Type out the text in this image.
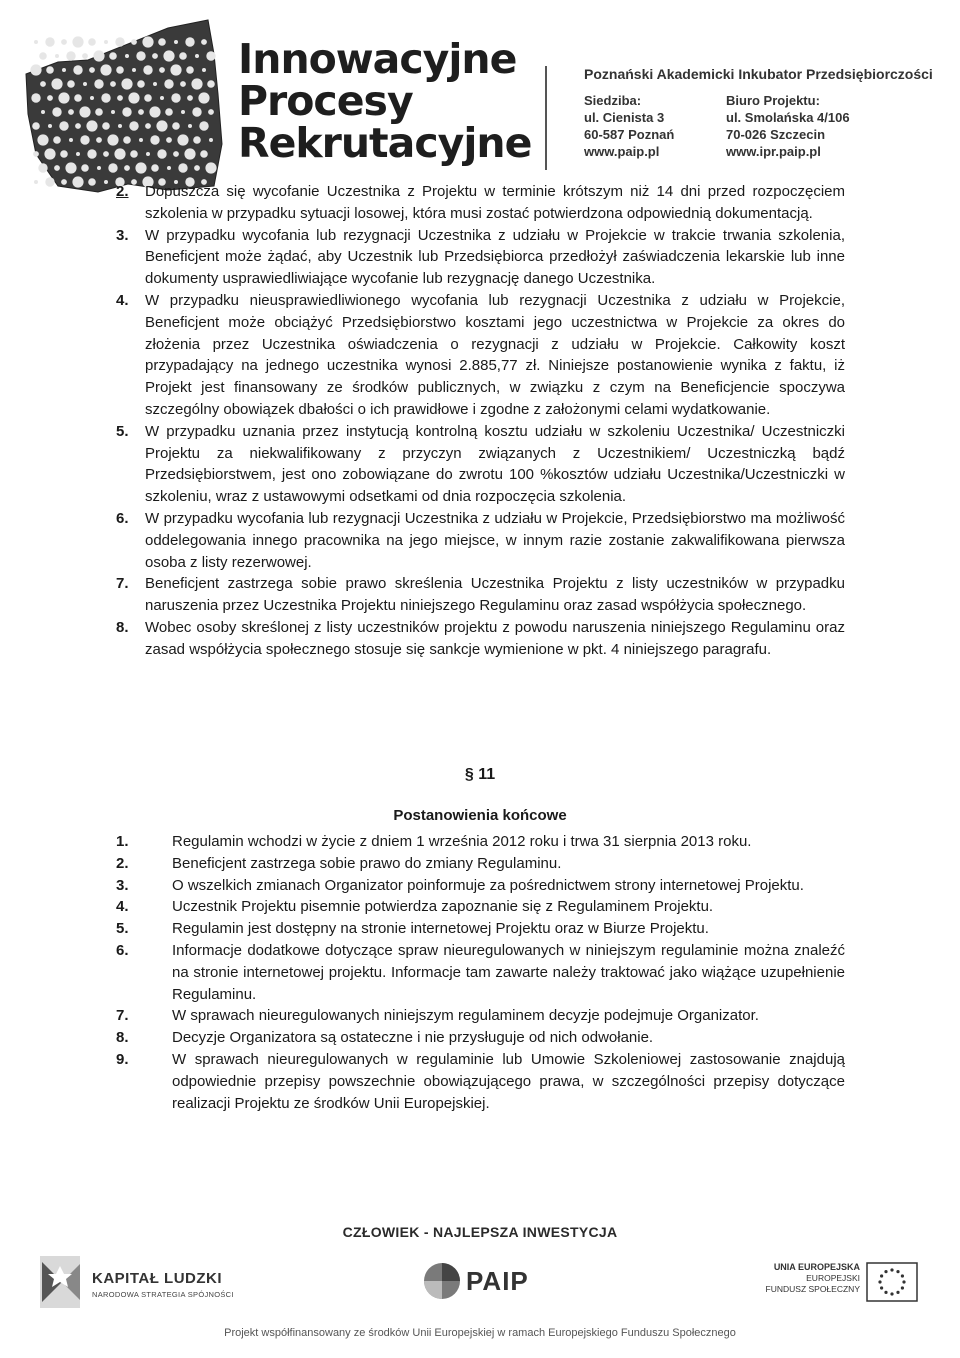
Innowacyjne
Procesy
Rekrutacyjne
Poznański Akademicki Inkubator Przedsiębiorczości
Siedziba:
ul. Cienista 3
60-587 Poznań
www.paip.pl
Biuro Projektu:
ul. Smolańska 4/106
70-026 Szczecin
www.ipr.paip.pl
2. Dopuszcza się wycofanie Uczestnika z Projektu w terminie krótszym niż 14 dni przed rozpoczęciem szkolenia w przypadku sytuacji losowej, która musi zostać potwierdzona odpowiednią dokumentacją.
3. W przypadku wycofania lub rezygnacji Uczestnika z udziału w Projekcie w trakcie trwania szkolenia, Beneficjent może żądać, aby Uczestnik lub Przedsiębiorca przedłożył zaświadczenia lekarskie lub inne dokumenty usprawiedliwiające wycofanie lub rezygnację danego Uczestnika.
4. W przypadku nieusprawiedliwionego wycofania lub rezygnacji Uczestnika z udziału w Projekcie, Beneficjent może obciążyć Przedsiębiorstwo kosztami jego uczestnictwa w Projekcie za okres do złożenia przez Uczestnika oświadczenia o rezygnacji z udziału w Projekcie. Całkowity koszt przypadający na jednego uczestnika wynosi 2.885,77 zł. Niniejsze postanowienie wynika z faktu, iż Projekt jest finansowany ze środków publicznych, w związku z czym na Beneficjencie spoczywa szczególny obowiązek dbałości o ich prawidłowe i zgodne z założonymi celami wydatkowanie.
5. W przypadku uznania przez instytucją kontrolną kosztu udziału w szkoleniu Uczestnika/ Uczestniczki Projektu za niekwalifikowany z przyczyn związanych z Uczestnikiem/ Uczestniczką bądź Przedsiębiorstwem, jest ono zobowiązane do zwrotu 100 %kosztów udziału Uczestnika/Uczestniczki w szkoleniu, wraz z ustawowymi odsetkami od dnia rozpoczęcia szkolenia.
6. W przypadku wycofania lub rezygnacji Uczestnika z udziału w Projekcie, Przedsiębiorstwo ma możliwość oddelegowania innego pracownika na jego miejsce, w innym razie zostanie zakwalifikowana pierwsza osoba z listy rezerwowej.
7. Beneficjent zastrzega sobie prawo skreślenia Uczestnika Projektu z listy uczestników w przypadku naruszenia przez Uczestnika Projektu niniejszego Regulaminu oraz zasad współżycia społecznego.
8. Wobec osoby skreślonej z listy uczestników projektu z powodu naruszenia niniejszego Regulaminu oraz zasad współżycia społecznego stosuje się sankcje wymienione w pkt. 4 niniejszego paragrafu.
§ 11
Postanowienia końcowe
1.	Regulamin wchodzi w życie z dniem 1 września 2012 roku i trwa 31 sierpnia 2013 roku.
2.	Beneficjent zastrzega sobie prawo do zmiany Regulaminu.
3.	O wszelkich zmianach Organizator poinformuje za pośrednictwem strony internetowej Projektu.
4.	Uczestnik Projektu pisemnie potwierdza zapoznanie się z Regulaminem Projektu.
5.	Regulamin jest dostępny na stronie internetowej Projektu oraz w Biurze Projektu.
6.	Informacje dodatkowe dotyczące spraw nieuregulowanych w niniejszym regulaminie można znaleźć na stronie internetowej projektu. Informacje tam zawarte należy traktować jako wiążące uzupełnienie Regulaminu.
7.	W sprawach nieuregulowanych niniejszym regulaminem decyzje podejmuje Organizator.
8.	Decyzje Organizatora są ostateczne i nie przysługuje od nich odwołanie.
9.	W sprawach nieuregulowanych w regulaminie lub Umowie Szkoleniowej zastosowanie znajdują odpowiednie przepisy powszechnie obowiązującego prawa, w szczególności przepisy dotyczące realizacji Projektu ze środków Unii Europejskiej.
CZŁOWIEK - NAJLEPSZA INWESTYCJA
KAPITAŁ LUDZKI
NARODOWA STRATEGIA SPÓJNOŚCI	PAIP	UNIA EUROPEJSKA
EUROPEJSKI
FUNDUSZ SPOŁECZNY
Projekt współfinansowany ze środków Unii Europejskiej w ramach Europejskiego Funduszu Społecznego
